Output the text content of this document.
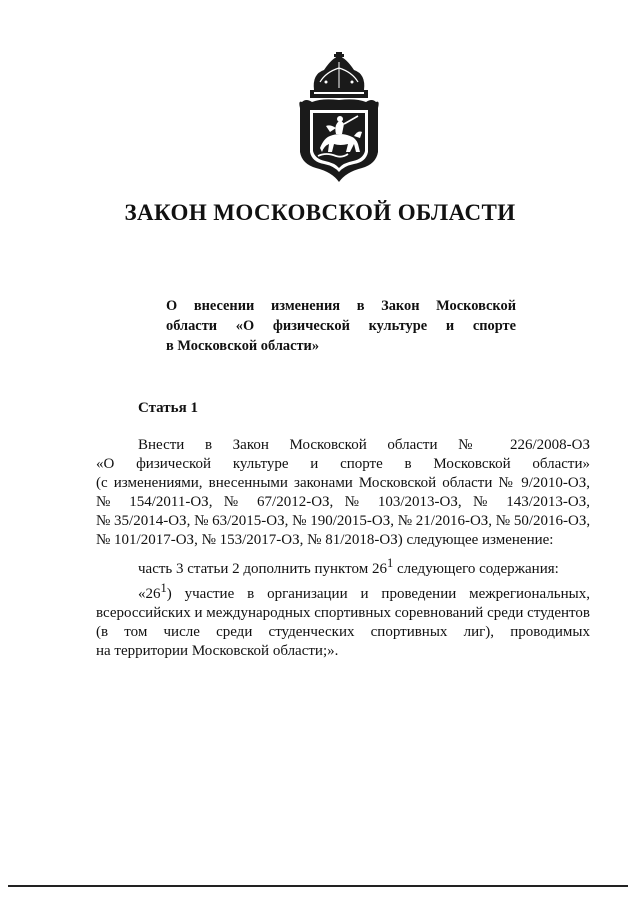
ЗАКОН МОСКОВСКОЙ ОБЛАСТИ
О внесении изменения в Закон Московской
области «О физической культуре и спорте
в Московской области»
Статья 1
Внести в Закон Московской области № 226/2008-ОЗ
«О физической культуре и спорте в Московской области»
(с изменениями, внесенными законами Московской области № 9/2010-ОЗ,
№ 154/2011-ОЗ, № 67/2012-ОЗ, № 103/2013-ОЗ, № 143/2013-ОЗ,
№ 35/2014-ОЗ, № 63/2015-ОЗ, № 190/2015-ОЗ, № 21/2016-ОЗ, № 50/2016-ОЗ,
№ 101/2017-ОЗ, № 153/2017-ОЗ, № 81/2018-ОЗ) следующее изменение:
часть 3 статьи 2 дополнить пунктом $26^1$ следующего содержания:
«$26^1$) участие в организации и проведении межрегиональных,
всероссийских и международных спортивных соревнований среди студентов
(в том числе среди студенческих спортивных лиг), проводимых
на территории Московской области;».
